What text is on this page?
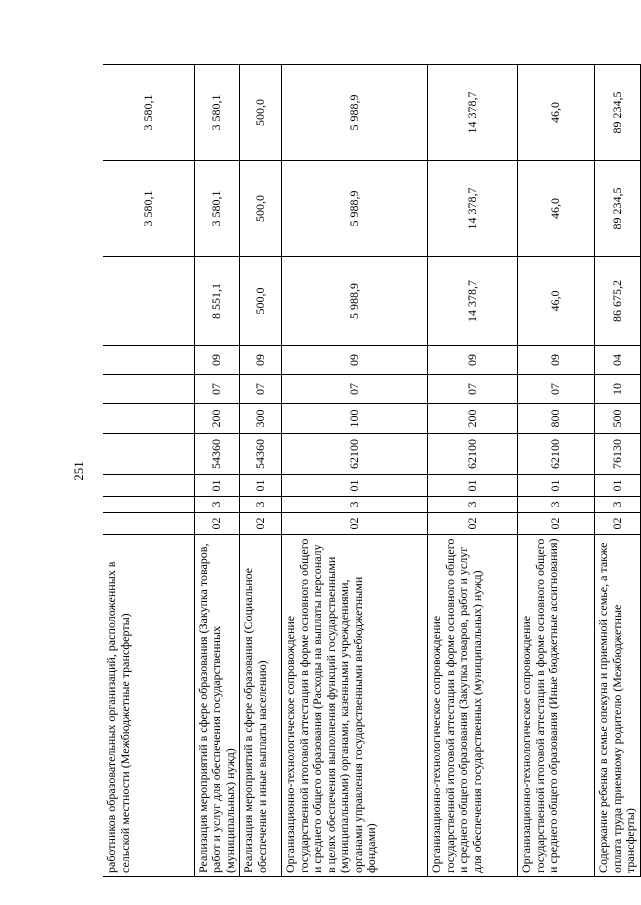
251
работников образовательных организаций, расположенных в сельской местности (Межбюджетные трансферты)									3 580,1	3 580,1
Реализация мероприятий в сфере образования (Закупка товаров, работ и услуг для обеспечения государственных (муниципальных) нужд)	02	3	01	54360	200	07	09	8 551,1	3 580,1	3 580,1
Реализация мероприятий в сфере образования (Социальное обеспечение и иные выплаты населению)	02	3	01	54360	300	07	09	500,0	500,0	500,0
Организационно-технологическое сопровождение государственной итоговой аттестации в форме основного общего и среднего общего образования (Расходы на выплаты персоналу в целях обеспечения выполнения функций государственными (муниципальными) органами, казенными учреждениями, органами управления государственными внебюджетными фондами)	02	3	01	62100	100	07	09	5 988,9	5 988,9	5 988,9
Организационно-технологическое сопровождение государственной итоговой аттестации в форме основного общего и среднего общего образования (Закупка товаров, работ и услуг для обеспечения государственных (муниципальных) нужд)	02	3	01	62100	200	07	09	14 378,7	14 378,7	14 378,7
Организационно-технологическое сопровождение государственной итоговой аттестации в форме основного общего и среднего общего образования (Иные бюджетные ассигнования)	02	3	01	62100	800	07	09	46,0	46,0	46,0
Содержание ребенка в семье опекуна и приемной семье, а также оплата труда приемному родителю (Межбюджетные трансферты)	02	3	01	76130	500	10	04	86 675,2	89 234,5	89 234,5
